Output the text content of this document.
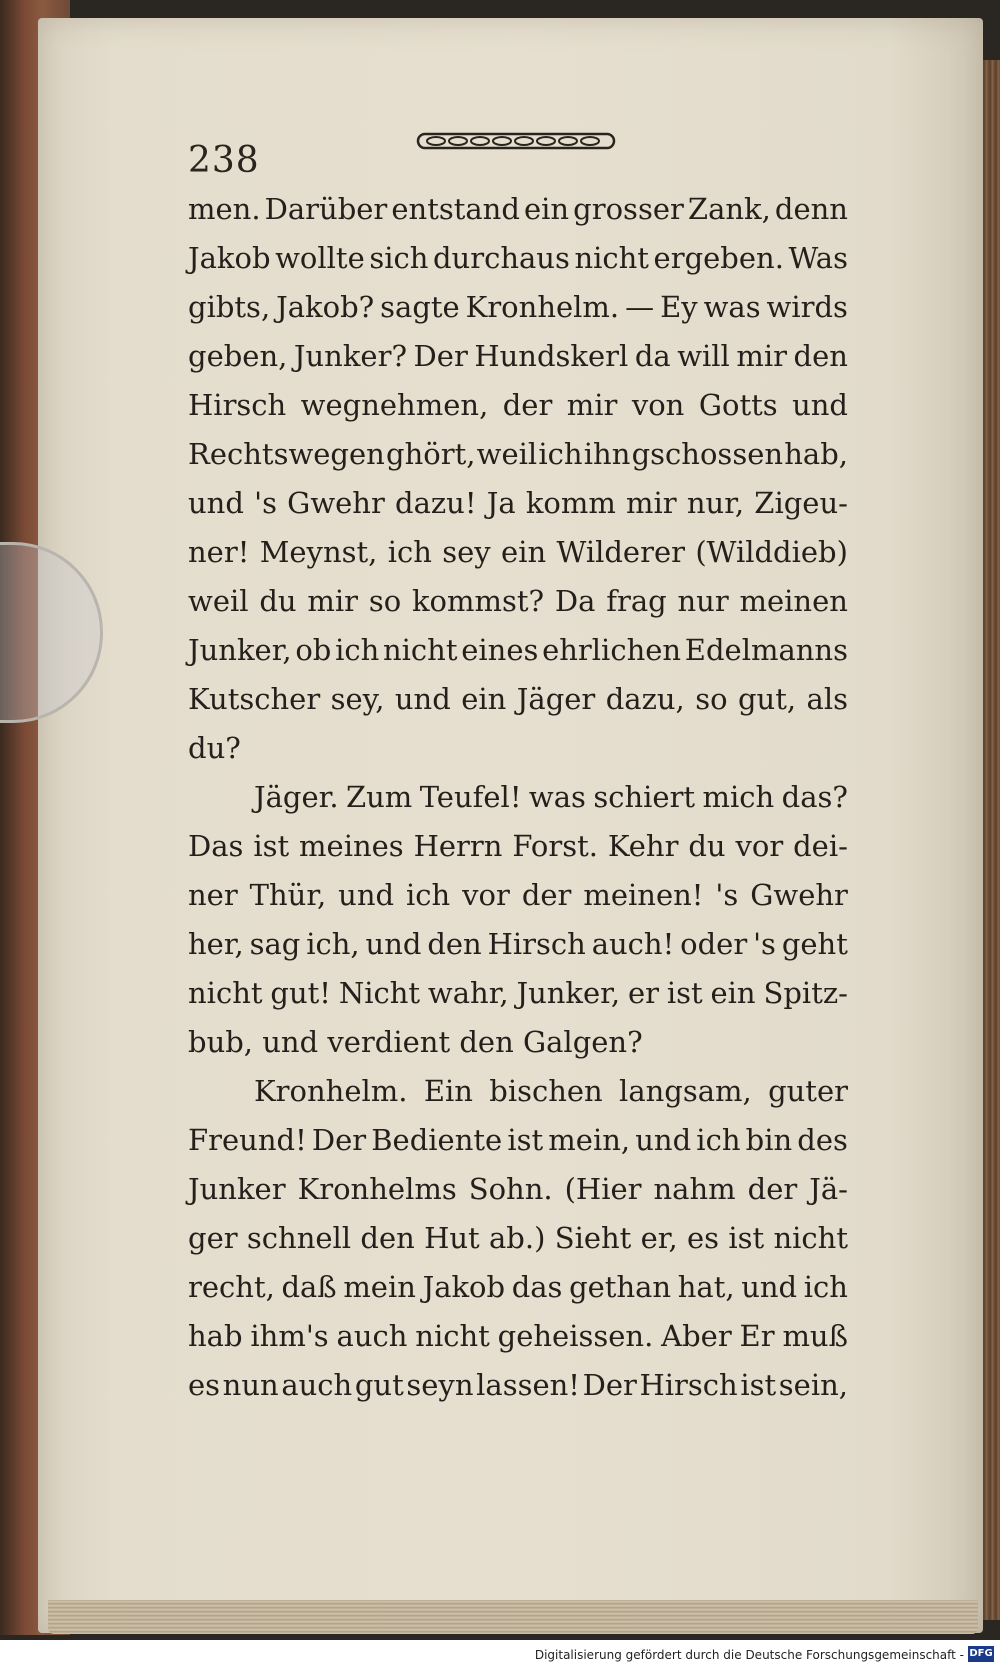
238
men. Darüber entstand ein grosser Zank, denn
Jakob wollte sich durchaus nicht ergeben. Was
gibts, Jakob? sagte Kronhelm. — Ey was wirds
geben, Junker? Der Hundskerl da will mir den
Hirsch wegnehmen, der mir von Gotts und
Rechtswegen ghört, weil ich ihn gschossen hab,
und 's Gwehr dazu! Ja komm mir nur, Zigeu-
ner! Meynst, ich sey ein Wilderer (Wilddieb)
weil du mir so kommst? Da frag nur meinen
Junker, ob ich nicht eines ehrlichen Edelmanns
Kutscher sey, und ein Jäger dazu, so gut, als
du?
Jäger. Zum Teufel! was schiert mich das?
Das ist meines Herrn Forst. Kehr du vor dei-
ner Thür, und ich vor der meinen! 's Gwehr
her, sag ich, und den Hirsch auch! oder 's geht
nicht gut! Nicht wahr, Junker, er ist ein Spitz-
bub, und verdient den Galgen?
Kronhelm. Ein bischen langsam, guter
Freund! Der Bediente ist mein, und ich bin des
Junker Kronhelms Sohn. (Hier nahm der Jä-
ger schnell den Hut ab.) Sieht er, es ist nicht
recht, daß mein Jakob das gethan hat, und ich
hab ihm's auch nicht geheissen. Aber Er muß
es nun auch gut seyn lassen! Der Hirsch ist sein,
Digitalisierung gefördert durch die Deutsche Forschungsgemeinschaft - DFG
